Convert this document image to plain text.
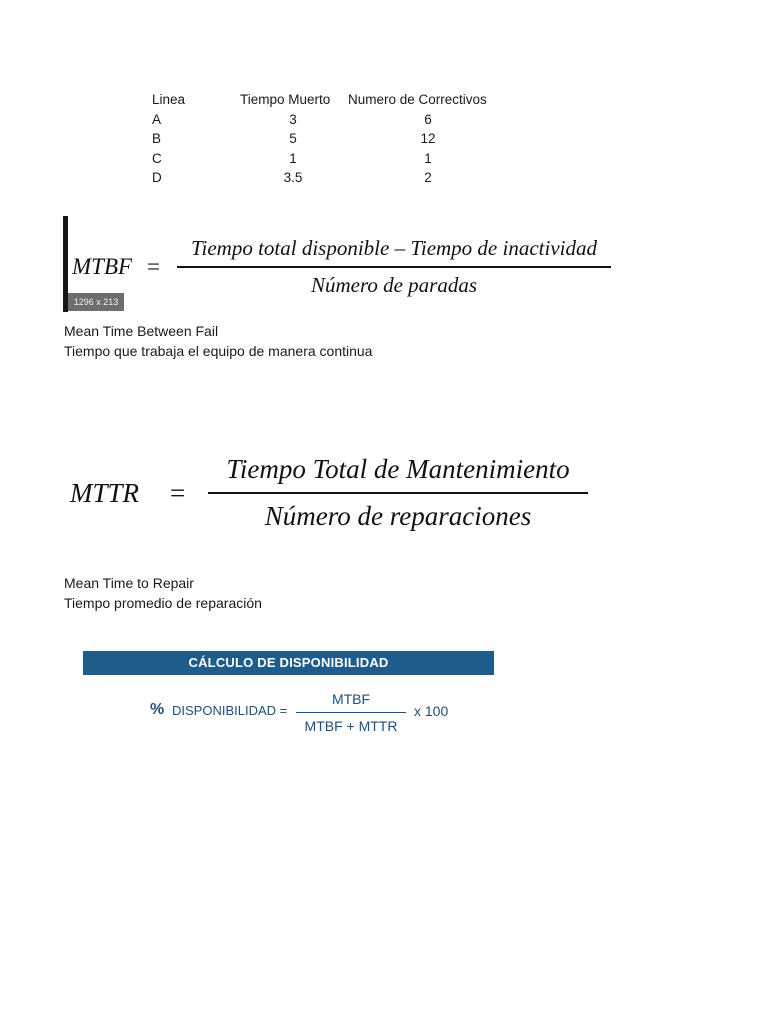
Linea	Tiempo Muerto	Numero de Correctivos
A	3	6
B	5	12
C	1	1
D	3.5	2
MTBF =
Tiempo total disponible – Tiempo de inactividad
Número de paradas
1296 x 213
Mean Time Between Fail
Tiempo que trabaja el equipo de manera continua
MTTR =
Tiempo Total de Mantenimiento
Número de reparaciones
Mean Time to Repair
Tiempo promedio de reparación
CÁLCULO DE DISPONIBILIDAD
% DISPONIBILIDAD =
MTBF
MTBF + MTTR
x 100
